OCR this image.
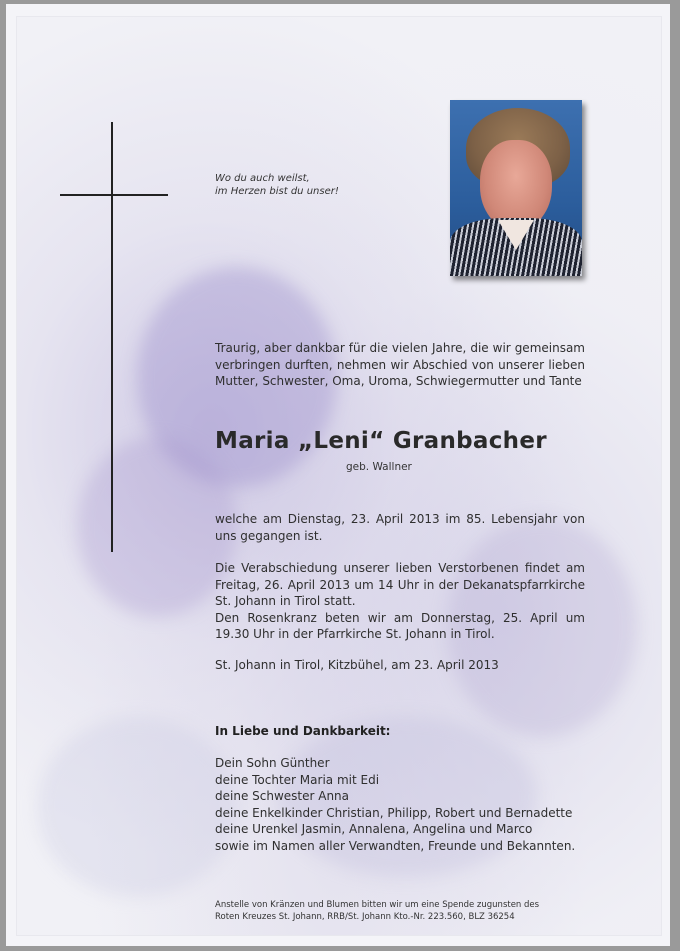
Wo du auch weilst,
im Herzen bist du unser!
Traurig, aber dankbar für die vielen Jahre, die wir gemeinsam verbringen durften, nehmen wir Abschied von unserer lieben Mutter, Schwester, Oma, Uroma, Schwiegermutter und Tante
Maria „Leni“ Granbacher
geb. Wallner
welche am Dienstag, 23. April 2013 im 85. Lebensjahr von uns gegangen ist.
Die Verabschiedung unserer lieben Verstorbenen findet am Freitag, 26. April 2013 um 14 Uhr in der Dekanatspfarrkirche St. Johann in Tirol statt.
Den Rosenkranz beten wir am Donnerstag, 25. April um 19.30 Uhr in der Pfarrkirche St. Johann in Tirol.
St. Johann in Tirol, Kitzbühel, am 23. April 2013
In Liebe und Dankbarkeit:
Dein Sohn Günther
deine Tochter Maria mit Edi
deine Schwester Anna
deine Enkelkinder Christian, Philipp, Robert und Bernadette
deine Urenkel Jasmin, Annalena, Angelina und Marco
sowie im Namen aller Verwandten, Freunde und Bekannten.
Anstelle von Kränzen und Blumen bitten wir um eine Spende zugunsten des
Roten Kreuzes St. Johann, RRB/St. Johann Kto.-Nr. 223.560, BLZ 36254
